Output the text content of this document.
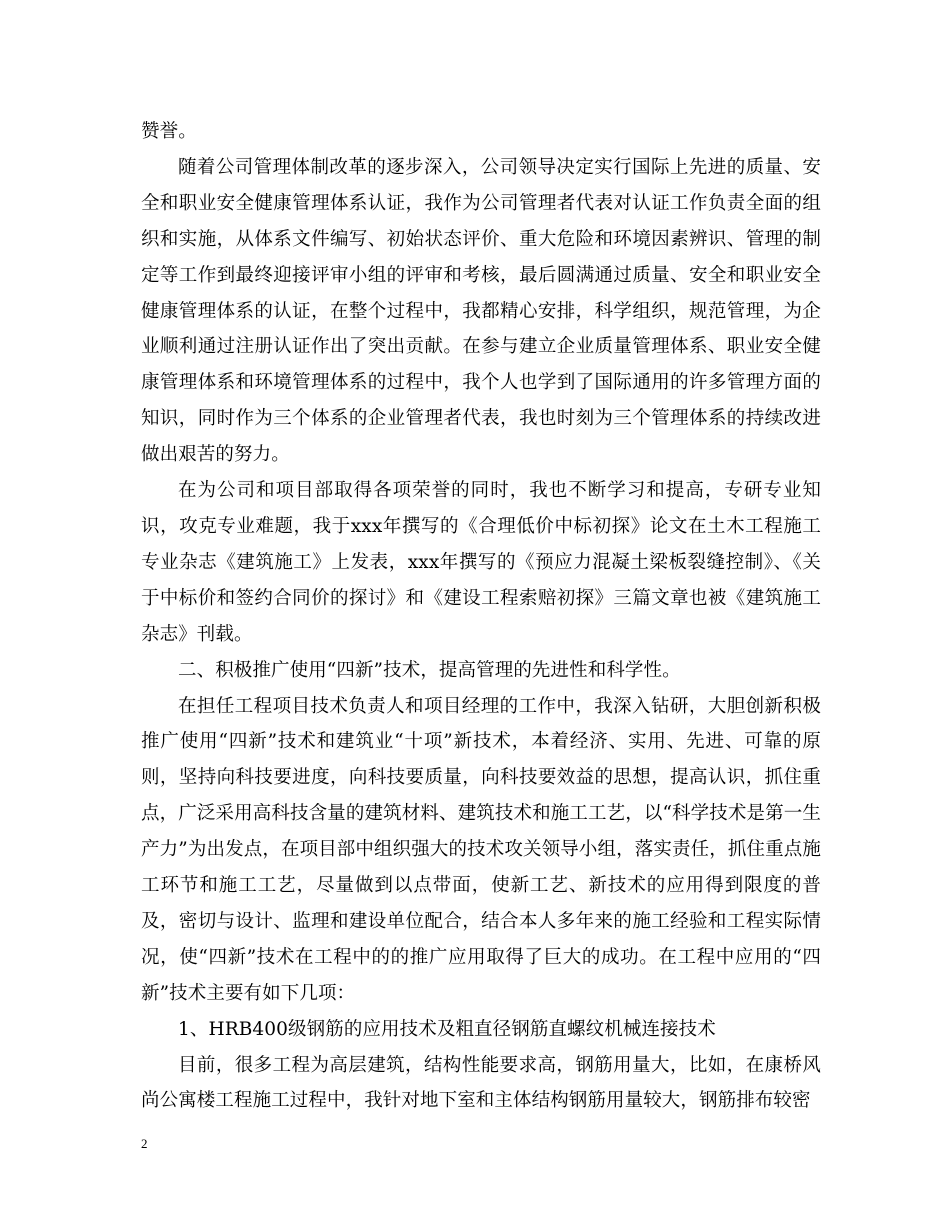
赞誉。

随着公司管理体制改革的逐步深入，公司领导决定实行国际上先进的质量、安全和职业安全健康管理体系认证，我作为公司管理者代表对认证工作负责全面的组织和实施，从体系文件编写、初始状态评价、重大危险和环境因素辨识、管理的制定等工作到最终迎接评审小组的评审和考核，最后圆满通过质量、安全和职业安全健康管理体系的认证，在整个过程中，我都精心安排，科学组织，规范管理，为企业顺利通过注册认证作出了突出贡献。在参与建立企业质量管理体系、职业安全健康管理体系和环境管理体系的过程中，我个人也学到了国际通用的许多管理方面的知识，同时作为三个体系的企业管理者代表，我也时刻为三个管理体系的持续改进做出艰苦的努力。

在为公司和项目部取得各项荣誉的同时，我也不断学习和提高，专研专业知识，攻克专业难题，我于xxx年撰写的《合理低价中标初探》论文在土木工程施工专业杂志《建筑施工》上发表，xxx年撰写的《预应力混凝土梁板裂缝控制》、《关于中标价和签约合同价的探讨》和《建设工程索赔初探》三篇文章也被《建筑施工杂志》刊载。

二、积极推广使用“四新”技术，提高管理的先进性和科学性。

在担任工程项目技术负责人和项目经理的工作中，我深入钻研，大胆创新积极推广使用“四新”技术和建筑业“十项”新技术，本着经济、实用、先进、可靠的原则，坚持向科技要进度，向科技要质量，向科技要效益的思想，提高认识，抓住重点，广泛采用高科技含量的建筑材料、建筑技术和施工工艺，以“科学技术是第一生产力”为出发点，在项目部中组织强大的技术攻关领导小组，落实责任，抓住重点施工环节和施工工艺，尽量做到以点带面，使新工艺、新技术的应用得到限度的普及，密切与设计、监理和建设单位配合，结合本人多年来的施工经验和工程实际情况，使“四新”技术在工程中的的推广应用取得了巨大的成功。在工程中应用的“四新”技术主要有如下几项：

1、HRB400级钢筋的应用技术及粗直径钢筋直螺纹机械连接技术

目前，很多工程为高层建筑，结构性能要求高，钢筋用量大，比如，在康桥风尚公寓楼工程施工过程中，我针对地下室和主体结构钢筋用量较大，钢筋排布较密

2
